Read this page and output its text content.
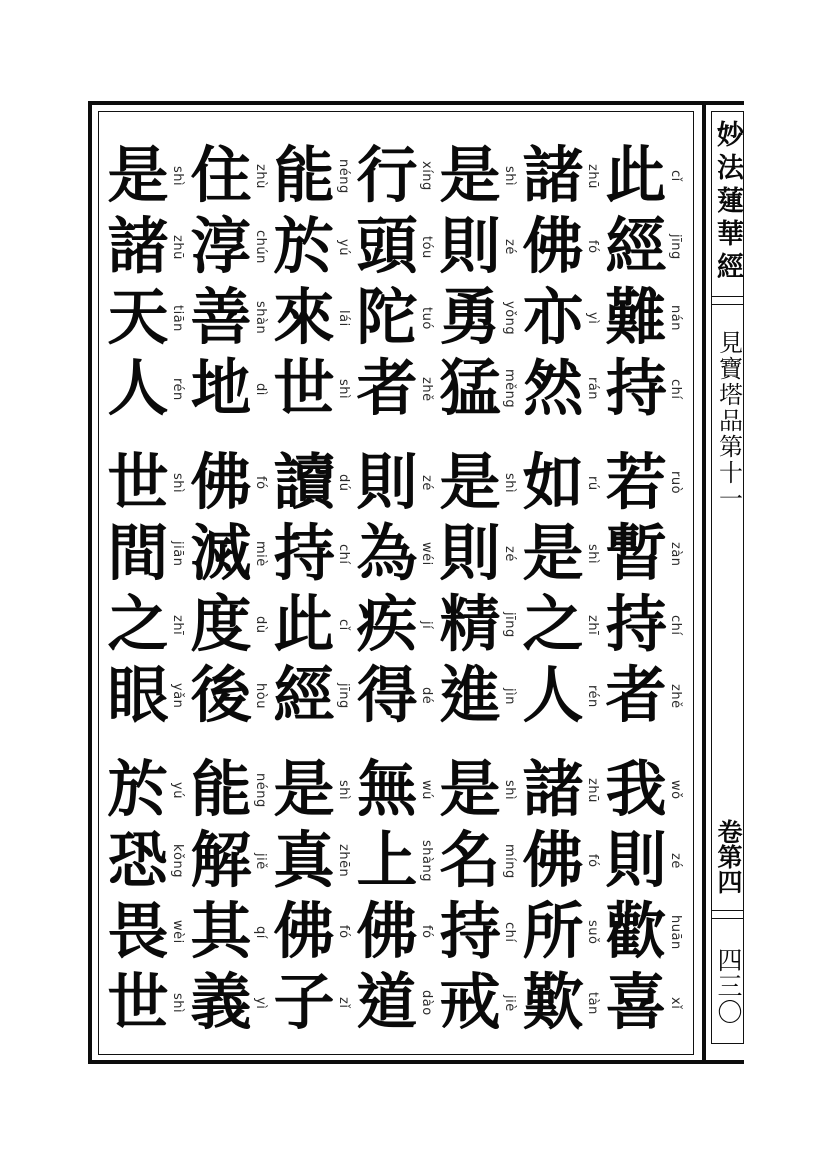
此 cǐ
經 jīng
難 nán
持 chí
諸 zhū
佛 fó
亦 yì
然 rán
是 shì
則 zé
勇 yǒng
猛 měng
行 xíng
頭 tóu
陀 tuó
者 zhě
能 néng
於 yú
來 lái
世 shì
住 zhù
淳 chún
善 shàn
地 dì
是 shì
諸 zhū
天 tiān
人 rén
若 ruò
暫 zàn
持 chí
者 zhě
如 rú
是 shì
之 zhī
人 rén
是 shì
則 zé
精 jīng
進 jìn
則 zé
為 wéi
疾 jí
得 dé
讀 dú
持 chí
此 cǐ
經 jīng
佛 fó
滅 miè
度 dù
後 hòu
世 shì
間 jiān
之 zhī
眼 yǎn
我 wǒ
則 zé
歡 huān
喜 xǐ
諸 zhū
佛 fó
所 suǒ
歎 tàn
是 shì
名 míng
持 chí
戒 jiè
無 wú
上 shàng
佛 fó
道 dào
是 shì
真 zhēn
佛 fó
子 zǐ
能 néng
解 jiě
其 qí
義 yì
於 yú
恐 kǒng
畏 wèi
世 shì
妙法蓮華經
見寶塔品第十一
卷第四
四三〇
